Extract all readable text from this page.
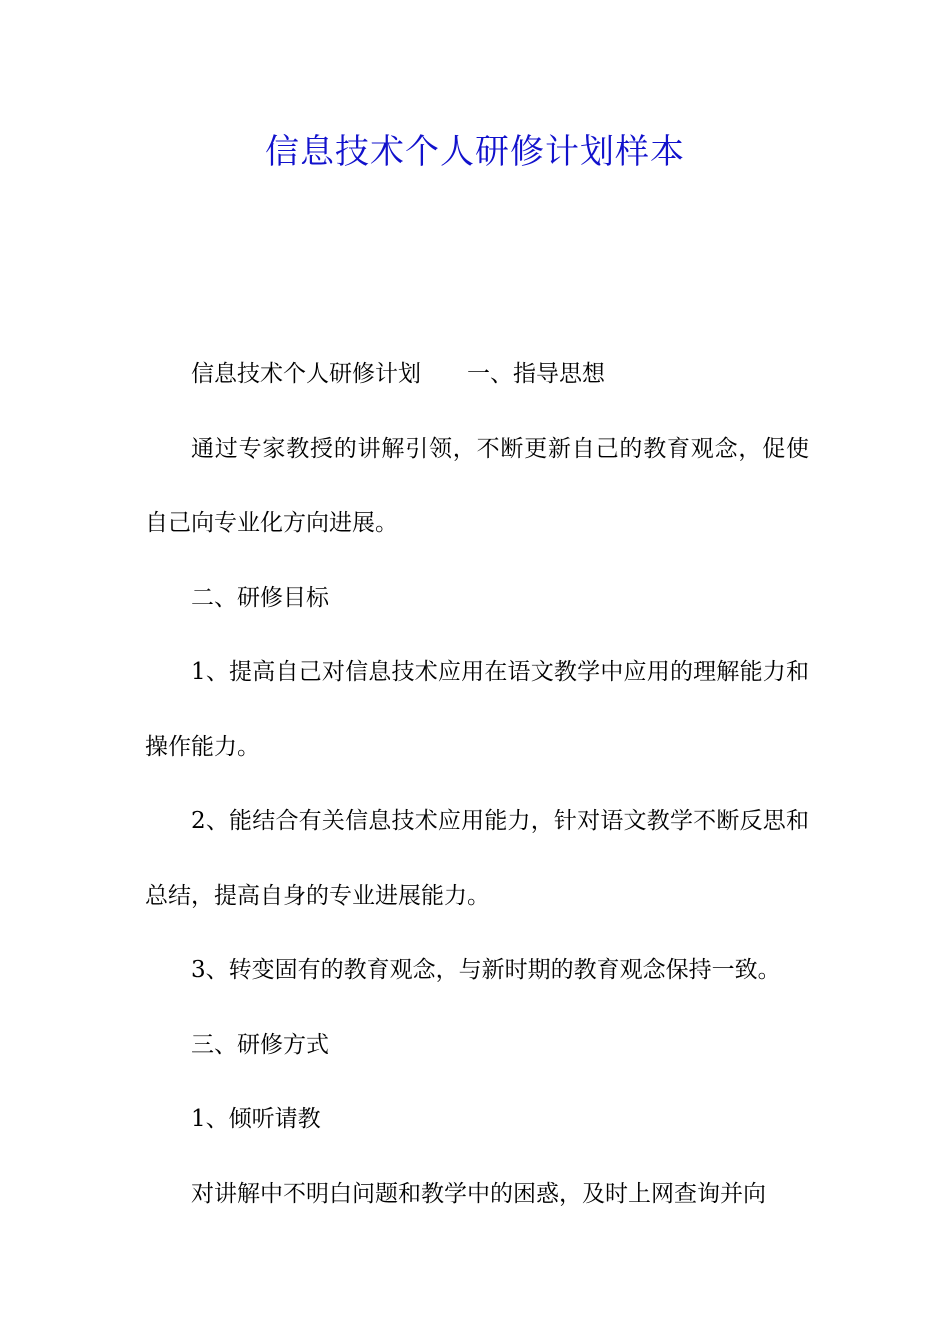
信息技术个人研修计划样本

信息技术个人研修计划 一、指导思想

通过专家教授的讲解引领，不断更新自己的教育观念，促使自己向专业化方向进展。

二、研修目标

1、提高自己对信息技术应用在语文教学中应用的理解能力和操作能力。

2、能结合有关信息技术应用能力，针对语文教学不断反思和总结，提高自身的专业进展能力。

3、转变固有的教育观念，与新时期的教育观念保持一致。

三、研修方式

1、倾听请教

对讲解中不明白问题和教学中的困惑，及时上网查询并向
